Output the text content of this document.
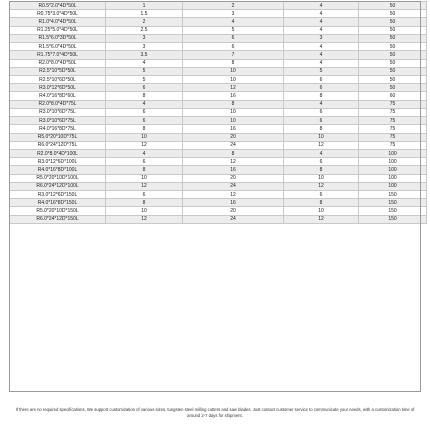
R0.5*2.0*4D*50L	1	2	4	50
R0.75*3.0*4D*50L	1.5	3	4	50
R1.0*4.0*4D*50L	2	4	4	50
R1.25*5.0*4D*50L	2.5	5	4	50
R1.5*6.0*3D*50L	3	6	3	50
R1.5*6.0*4D*50L	3	6	4	50
R1.75*7.0*4D*50L	3.5	7	4	50
R2.0*8.0*4D*50L	4	8	4	50
R2.5*10*5D*50L	5	10	5	50
R2.5*10*6D*50L	5	10	6	50
R3.0*12*6D*50L	6	12	6	50
R4.0*16*8D*60L	8	16	8	60
R2.0*8.0*4D*75L	4	8	4	75
R3.0*10*6D*75L	6	10	6	75
R3.0*10*6D*75L	6	10	6	75
R4.0*16*8D*75L	8	16	8	75
R5.0*20*10D*75L	10	20	10	75
R6.0*24*12D*75L	12	24	12	75
R2.0*8.0*4D*100L	4	8	4	100
R3.0*12*6D*100L	6	12	6	100
R4.0*16*8D*100L	8	16	8	100
R5.0*20*10D*100L	10	20	10	100
R6.0*24*12D*100L	12	24	12	100
R3.0*12*6D*150L	6	12	6	150
R4.0*16*8D*150L	8	16	8	150
R5.0*20*10D*150L	10	20	10	150
R6.0*24*12D*150L	12	24	12	150
If there are no required specifications, We support customization of various sizes, tungsten steel milling cutters and saw blades. Just contact customer service to communicate your needs, with a customization time of around 2-7 days for shipment.
